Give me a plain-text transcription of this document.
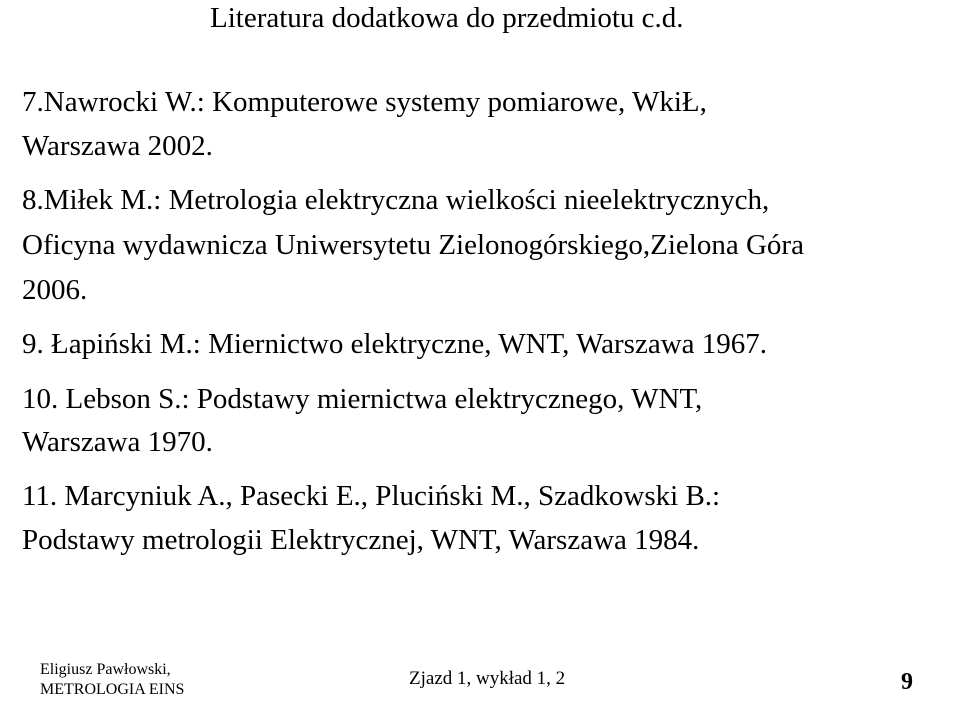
Literatura dodatkowa do przedmiotu c.d.
7.Nawrocki W.: Komputerowe systemy pomiarowe, WkiŁ,
Warszawa 2002.
8.Miłek M.: Metrologia elektryczna wielkości nieelektrycznych,
Oficyna wydawnicza Uniwersytetu Zielonogórskiego,Zielona Góra
2006.
9. Łapiński M.: Miernictwo elektryczne, WNT, Warszawa 1967.
10. Lebson S.: Podstawy miernictwa elektrycznego, WNT,
Warszawa 1970.
11. Marcyniuk A., Pasecki E., Pluciński M., Szadkowski B.:
Podstawy metrologii Elektrycznej, WNT, Warszawa 1984.
Eligiusz Pawłowski,
METROLOGIA EINS
Zjazd 1, wykład 1, 2	9
